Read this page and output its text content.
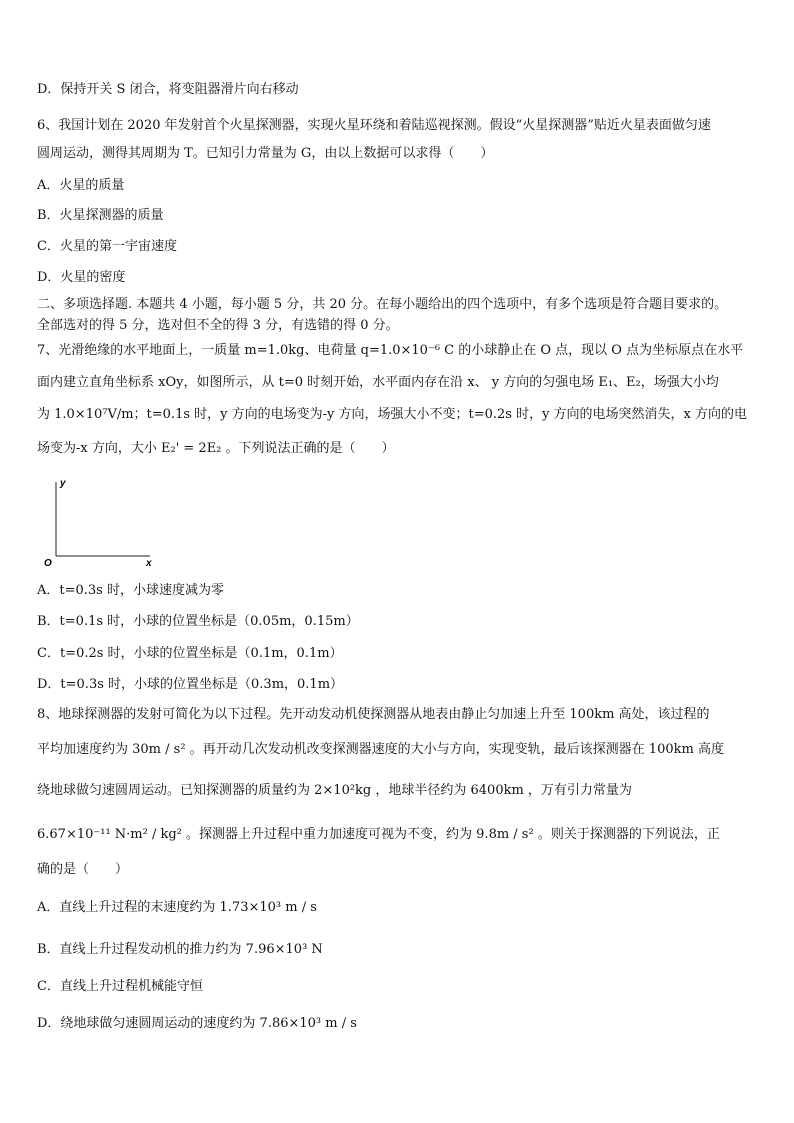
D．保持开关 S 闭合，将变阻器滑片向右移动
6、我国计划在 2020 年发射首个火星探测器，实现火星环绕和着陆巡视探测。假设“火星探测器”贴近火星表面做匀速
圆周运动，测得其周期为 T。已知引力常量为 G，由以上数据可以求得（　　）
A．火星的质量
B．火星探测器的质量
C．火星的第一宇宙速度
D．火星的密度
二、多项选择题. 本题共 4 小题，每小题 5 分，共 20 分。在每小题给出的四个选项中，有多个选项是符合题目要求的。
全部选对的得 5 分，选对但不全的得 3 分，有选错的得 0 分。
7、光滑绝缘的水平地面上，一质量 m=1.0kg、电荷量 q=1.0×10⁻⁶ C 的小球静止在 O 点，现以 O 点为坐标原点在水平
面内建立直角坐标系 xOy，如图所示，从 t=0 时刻开始，水平面内存在沿 x、 y 方向的匀强电场 E₁、E₂，场强大小均
为 1.0×10⁷V/m；t=0.1s 时，y 方向的电场变为-y 方向，场强大小不变；t=0.2s 时，y 方向的电场突然消失，x 方向的电
场变为-x 方向，大小 E₂' = 2E₂ 。下列说法正确的是（　　）
y
x
O
A．t=0.3s 时，小球速度减为零
B．t=0.1s 时，小球的位置坐标是（0.05m，0.15m）
C．t=0.2s 时，小球的位置坐标是（0.1m，0.1m）
D．t=0.3s 时，小球的位置坐标是（0.3m，0.1m）
8、地球探测器的发射可简化为以下过程。先开动发动机使探测器从地表由静止匀加速上升至 100km 高处，该过程的
平均加速度约为 30m / s² 。再开动几次发动机改变探测器速度的大小与方向，实现变轨，最后该探测器在 100km 高度
绕地球做匀速圆周运动。已知探测器的质量约为 2×10²kg ，地球半径约为 6400km ，万有引力常量为
6.67×10⁻¹¹ N·m² / kg² 。探测器上升过程中重力加速度可视为不变，约为 9.8m / s² 。则关于探测器的下列说法，正
确的是（　　）
A．直线上升过程的末速度约为 1.73×10³ m / s
B．直线上升过程发动机的推力约为 7.96×10³ N
C．直线上升过程机械能守恒
D．绕地球做匀速圆周运动的速度约为 7.86×10³ m / s
